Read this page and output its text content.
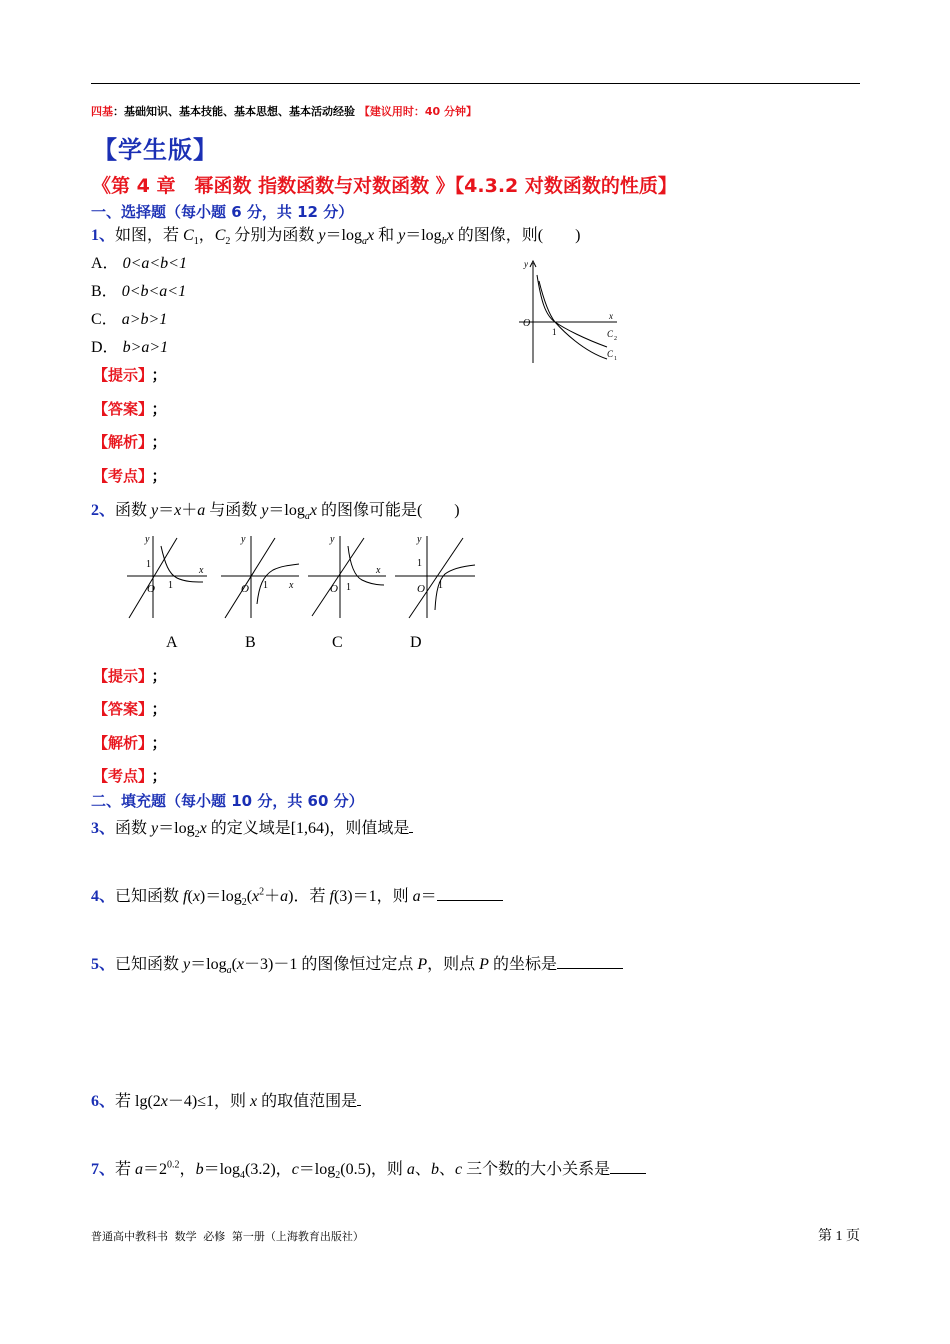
四基：基础知识、基本技能、基本思想、基本活动经验 【建议用时：40 分钟】
【学生版】
《第 4 章　幂函数 指数函数与对数函数 》【4.3.2 对数函数的性质】
一、选择题（每小题 6 分，共 12 分）
1、如图，若 $C_1$，$C_2$ 分别为函数 $y=\log_ax$ 和 $y=\log_bx$ 的图像，则(　　)
A． 0<a<b<1
B． 0<b<a<1
C． a>b>1
D． b>a>1
y
x
O
1	C 2
C 1
【提示】 ；
【答案】 ；
【解析】 ；
【考点】 ；
2、函数 y＝x＋a 与函数 $y=\log_ax$ 的图像可能是(　　)
y
x
1
O 1
y
x
O 1
y
x
O 1
y
1
O 1
A	B	C	D
【提示】 ；
【答案】 ；
【解析】 ；
【考点】 ；
二、填充题（每小题 10 分，共 60 分）
3、函数 $y=\log_2x$ 的定义域是[1,64)，则值域是
4、已知函数 $f(x)=\log_2(x^2+a)$．若 f(3)＝1，则 a＝
5、已知函数 $y=\log_a(x-3)-1$ 的图像恒过定点 P，则点 P 的坐标是
6、若 lg(2x－4)≤1，则 x 的取值范围是
7、若 $a=2^{0.2}$，$b=\log_4(3.2)$，$c=\log_2(0.5)$，则 a、b、c 三个数的大小关系是
普通高中教科书 数学 必修 第一册（上海教育出版社）	第 1 页
